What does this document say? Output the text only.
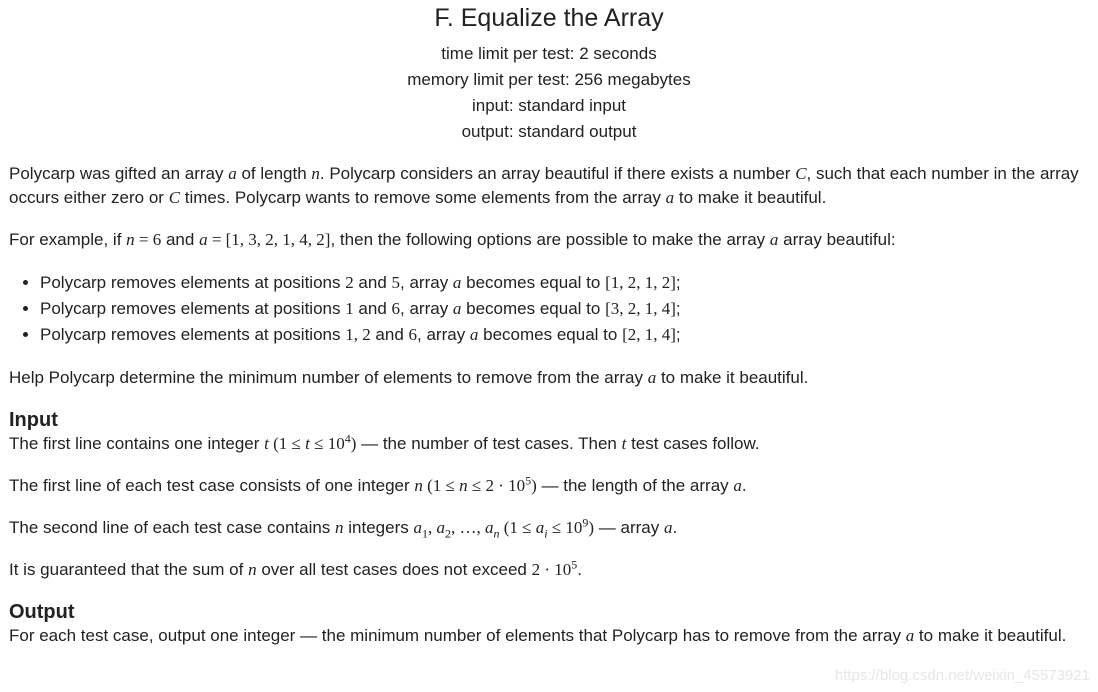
F. Equalize the Array
time limit per test: 2 seconds
memory limit per test: 256 megabytes
input: standard input
output: standard output

Polycarp was gifted an array a of length n. Polycarp considers an array beautiful if there exists a number C, such that each number in the array occurs either zero or C times. Polycarp wants to remove some elements from the array a to make it beautiful.

For example, if n = 6 and a = [1, 3, 2, 1, 4, 2], then the following options are possible to make the array a array beautiful:

• Polycarp removes elements at positions 2 and 5, array a becomes equal to [1, 2, 1, 2];
• Polycarp removes elements at positions 1 and 6, array a becomes equal to [3, 2, 1, 4];
• Polycarp removes elements at positions 1, 2 and 6, array a becomes equal to [2, 1, 4];

Help Polycarp determine the minimum number of elements to remove from the array a to make it beautiful.

Input

The first line contains one integer t $(1 \le t \le 10^4)$ — the number of test cases. Then t test cases follow.

The first line of each test case consists of one integer n $(1 \le n \le 2 \cdot 10^5)$ — the length of the array a.

The second line of each test case contains n integers $a_1$, $a_2$, …, $a_n$ $(1 \le a_i \le 10^9)$ — array a.

It is guaranteed that the sum of n over all test cases does not exceed $2 \cdot 10^5$.

Output

For each test case, output one integer — the minimum number of elements that Polycarp has to remove from the array a to make it beautiful.

https://blog.csdn.net/weixin_45573921
